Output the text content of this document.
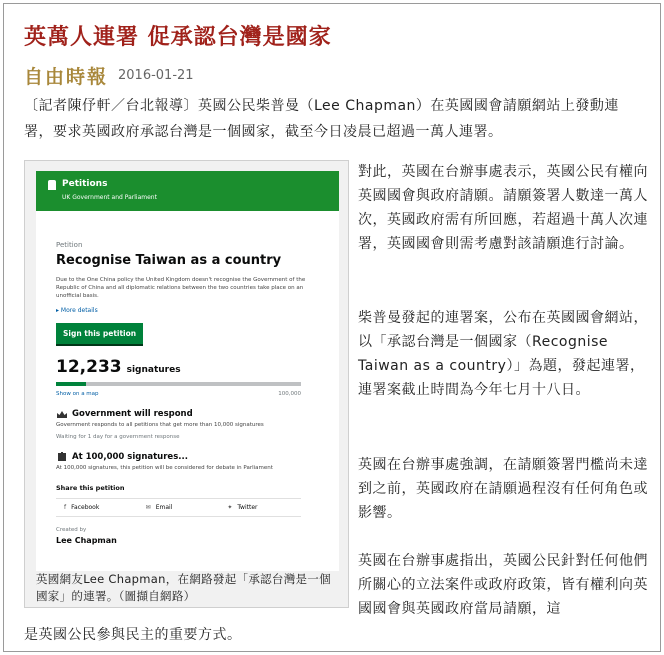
英萬人連署 促承認台灣是國家
自由時報 2016-01-21

〔記者陳伃軒／台北報導〕英國公民柴普曼（Lee Chapman）在英國國會請願網站上發動連署，要求英國政府承認台灣是一個國家，截至今日凌晨已超過一萬人連署。

Petitions
UK Government and Parliament
Petition
Recognise Taiwan as a country
Due to the One China policy the United Kingdom doesn't recognise the Government of the Republic of China and all diplomatic relations between the two countries take place on an unofficial basis.
▸ More details
Sign this petition
12,233 signatures
Show on a map	100,000
Government will respond
Government responds to all petitions that get more than 10,000 signatures
Waiting for 1 day for a government response
At 100,000 signatures...
At 100,000 signatures, this petition will be considered for debate in Parliament
Share this petition
f Facebook	✉ Email	✦ Twitter
Created by
Lee Chapman
英國網友Lee Chapman，在網路發起「承認台灣是一個國家」的連署。（圖擷自網路）

對此，英國在台辦事處表示，英國公民有權向英國國會與政府請願。請願簽署人數達一萬人次，英國政府需有所回應，若超過十萬人次連署，英國國會則需考慮對該請願進行討論。

柴普曼發起的連署案，公布在英國國會網站，以「承認台灣是一個國家（Recognise Taiwan as a country）」為題，發起連署，連署案截止時間為今年七月十八日。

英國在台辦事處強調，在請願簽署門檻尚未達到之前，英國政府在請願過程沒有任何角色或影響。

英國在台辦事處指出，英國公民針對任何他們所關心的立法案件或政府政策，皆有權利向英國國會與英國政府當局請願，這

是英國公民參與民主的重要方式。
